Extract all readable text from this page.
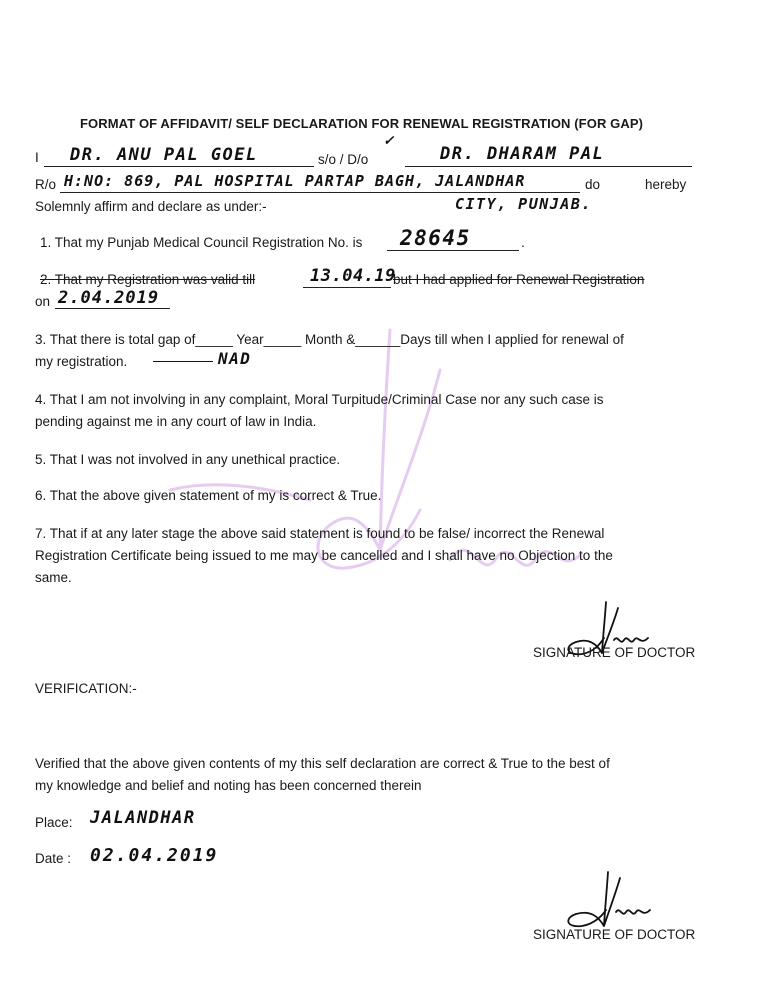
FORMAT OF AFFIDAVIT/ SELF DECLARATION FOR RENEWAL REGISTRATION (FOR GAP)
I DR. ANU PAL GOEL	s/o / D/o
✓
DR. DHARAM PAL
R/o H:NO: 869, PAL HOSPITAL PARTAP BAGH, JALANDHAR	do	hereby
Solemnly affirm and declare as under:-	CITY, PUNJAB.
1. That my Punjab Medical Council Registration No. is 28645	.
2. That my Registration was valid till	13.04.19
but I had applied for Renewal Registration
on 2.04.2019
3. That there is total gap of_____ Year_____ Month &______Days till when I applied for renewal of
my registration.	NAD
4. That I am not involving in any complaint, Moral Turpitude/Criminal Case nor any such case is
pending against me in any court of law in India.
5. That I was not involved in any unethical practice.
6. That the above given statement of my is correct & True.
7. That if at any later stage the above said statement is found to be false/ incorrect the Renewal
Registration Certificate being issued to me may be cancelled and I shall have no Objection to the
same.
SIGNATURE OF DOCTOR
VERIFICATION:-
Verified that the above given contents of my this self declaration are correct & True to the best of
my knowledge and belief and noting has been concerned therein
Place: JALANDHAR
Date : 02.04.2019
SIGNATURE OF DOCTOR
